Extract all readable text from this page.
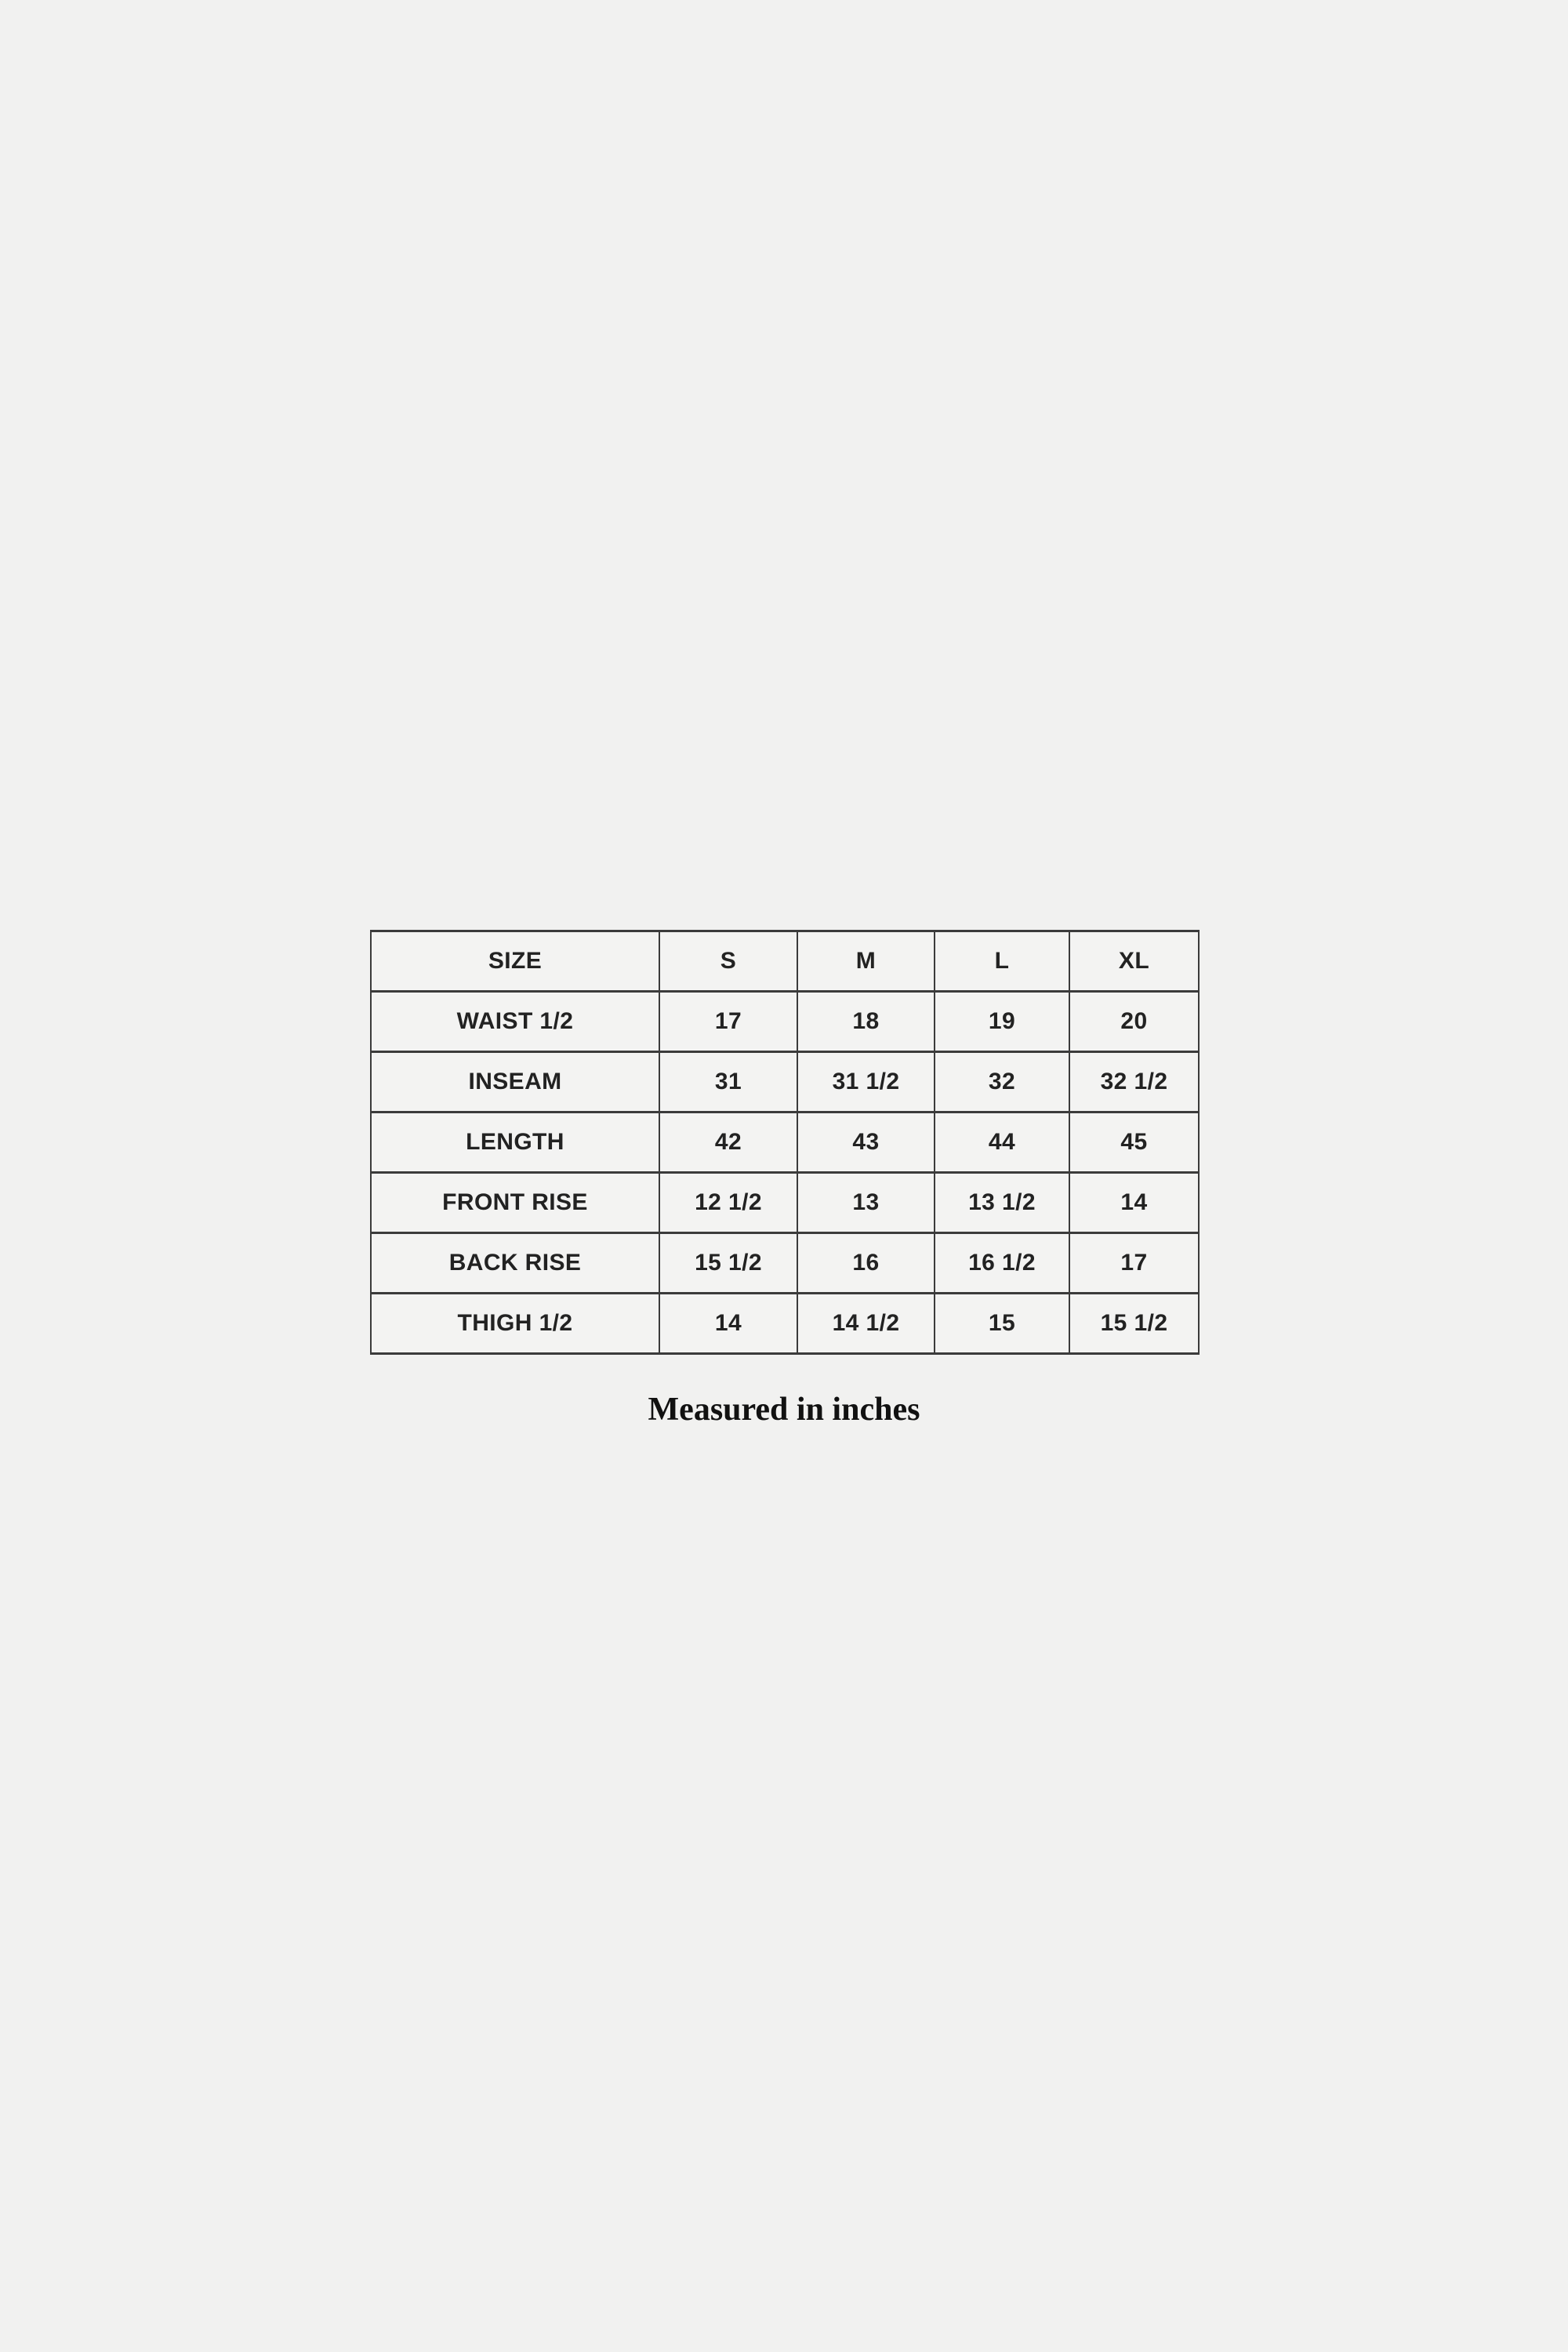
SIZE	S	M	L	XL
WAIST 1/2	17	18	19	20
INSEAM	31	31 1/2	32	32 1/2
LENGTH	42	43	44	45
FRONT RISE	12 1/2	13	13 1/2	14
BACK RISE	15 1/2	16	16 1/2	17
THIGH 1/2	14	14 1/2	15	15 1/2
Measured in inches
